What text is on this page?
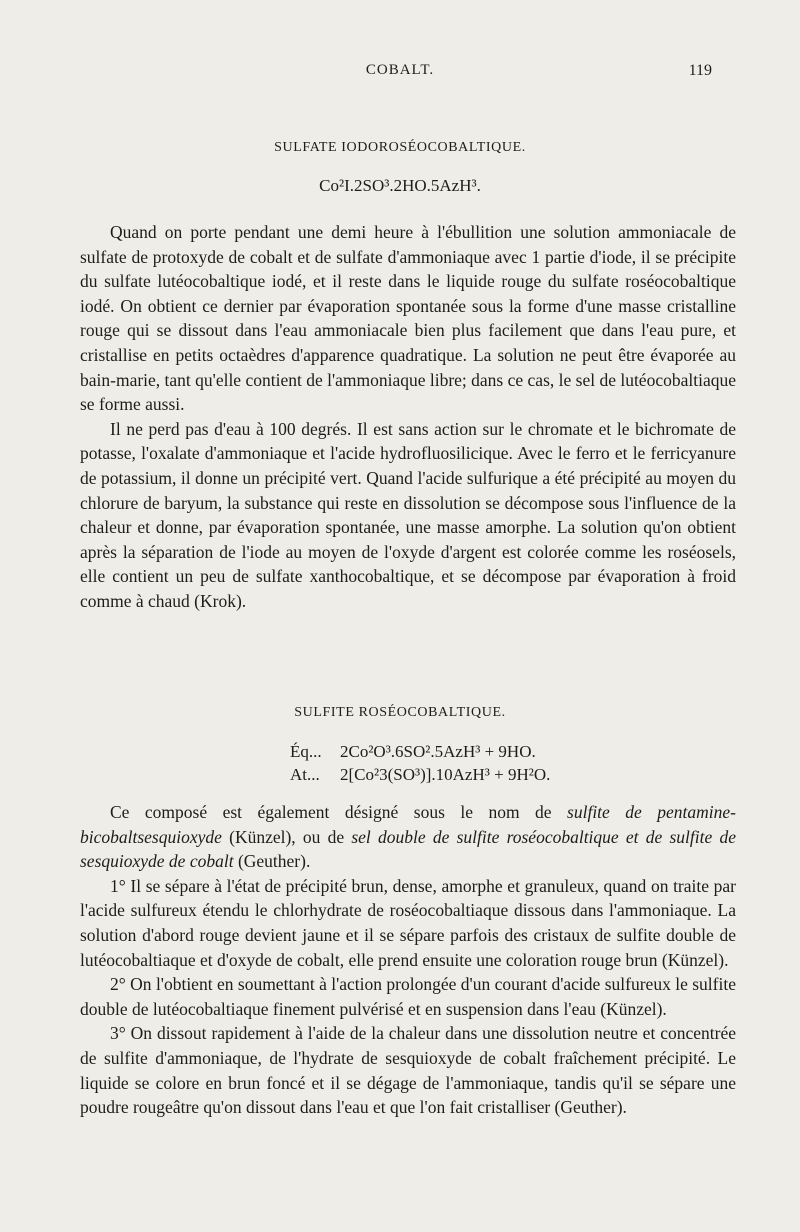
COBALT.	119
SULFATE IODOROSÉOCOBALTIQUE.
Co²I.2SO³.2HO.5AzH³.

Quand on porte pendant une demi heure à l'ébullition une solution ammoniacale de sulfate de protoxyde de cobalt et de sulfate d'ammoniaque avec 1 partie d'iode, il se précipite du sulfate lutéocobaltique iodé, et il reste dans le liquide rouge du sulfate roséocobaltique iodé. On obtient ce dernier par évaporation spontanée sous la forme d'une masse cristalline rouge qui se dissout dans l'eau ammoniacale bien plus facilement que dans l'eau pure, et cristallise en petits octaèdres d'apparence quadratique. La solution ne peut être évaporée au bain-marie, tant qu'elle contient de l'ammoniaque libre; dans ce cas, le sel de lutéocobaltiaque se forme aussi.

Il ne perd pas d'eau à 100 degrés. Il est sans action sur le chromate et le bichromate de potasse, l'oxalate d'ammoniaque et l'acide hydrofluosilicique. Avec le ferro et le ferricyanure de potassium, il donne un précipité vert. Quand l'acide sulfurique a été précipité au moyen du chlorure de baryum, la substance qui reste en dissolution se décompose sous l'influence de la chaleur et donne, par évaporation spontanée, une masse amorphe. La solution qu'on obtient après la séparation de l'iode au moyen de l'oxyde d'argent est colorée comme les roséosels, elle contient un peu de sulfate xanthocobaltique, et se décompose par évaporation à froid comme à chaud (Krok).

SULFITE ROSÉOCOBALTIQUE.
Éq...	2Co²O³.6SO².5AzH³ + 9HO.
At...	2[Co²3(SO³)].10AzH³ + 9H²O.

Ce composé est également désigné sous le nom de sulfite de pentamine-bicobaltsesquioxyde (Künzel), ou de sel double de sulfite roséocobaltique et de sulfite de sesquioxyde de cobalt (Geuther).

1° Il se sépare à l'état de précipité brun, dense, amorphe et granuleux, quand on traite par l'acide sulfureux étendu le chlorhydrate de roséocobaltiaque dissous dans l'ammoniaque. La solution d'abord rouge devient jaune et il se sépare parfois des cristaux de sulfite double de lutéocobaltiaque et d'oxyde de cobalt, elle prend ensuite une coloration rouge brun (Künzel).

2° On l'obtient en soumettant à l'action prolongée d'un courant d'acide sulfureux le sulfite double de lutéocobaltiaque finement pulvérisé et en suspension dans l'eau (Künzel).

3° On dissout rapidement à l'aide de la chaleur dans une dissolution neutre et concentrée de sulfite d'ammoniaque, de l'hydrate de sesquioxyde de cobalt fraîchement précipité. Le liquide se colore en brun foncé et il se dégage de l'ammoniaque, tandis qu'il se sépare une poudre rougeâtre qu'on dissout dans l'eau et que l'on fait cristalliser (Geuther).
